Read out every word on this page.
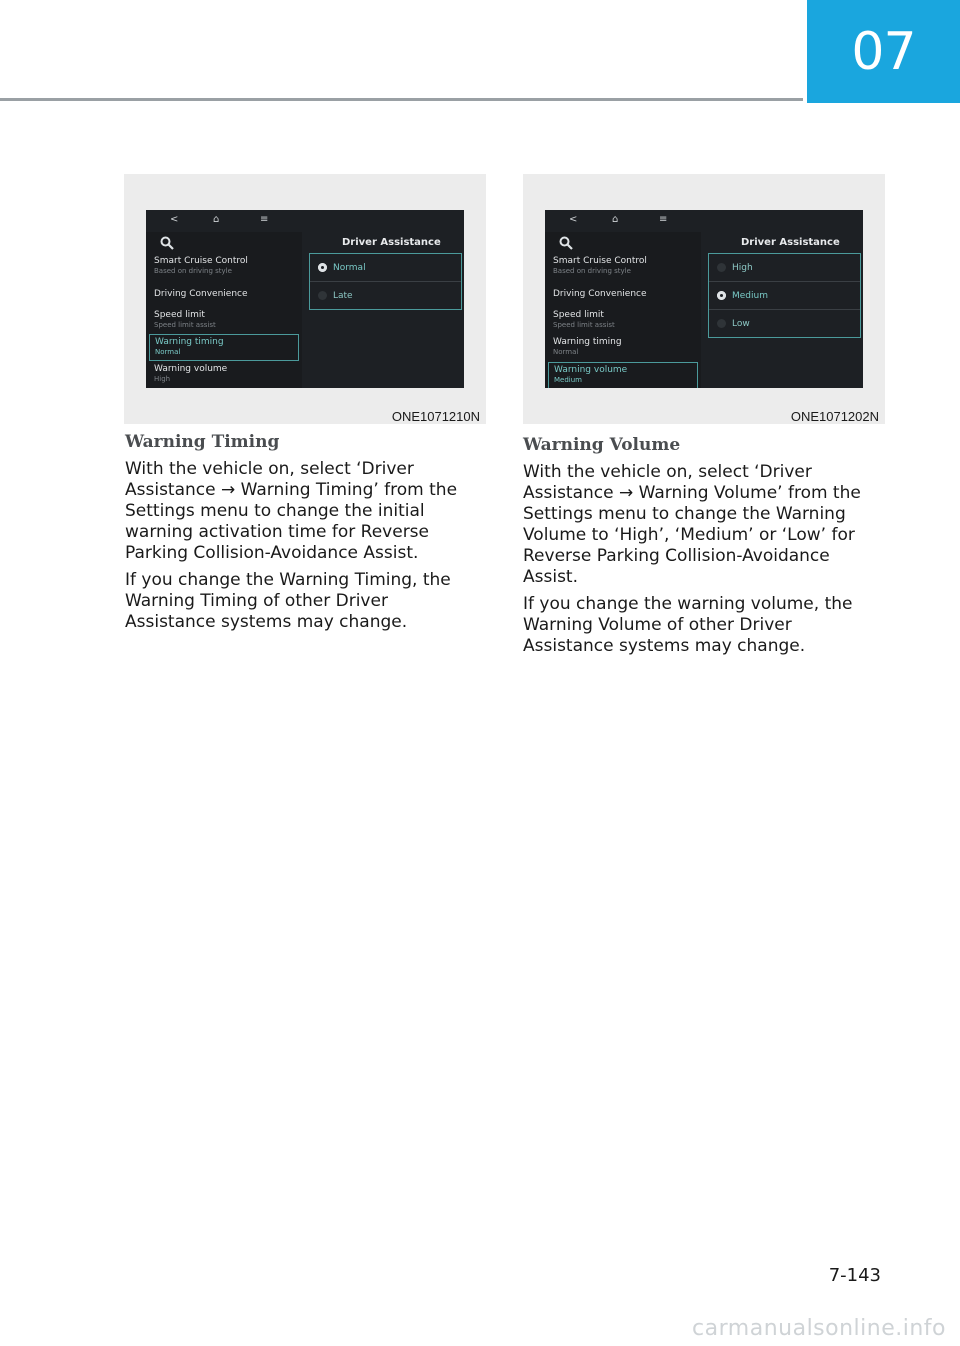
07
<	⌂	≡
Driver Assistance
Smart Cruise Control
Based on driving style
Driving Convenience
Speed limit
Speed limit assist
Warning timing
Normal
Warning volume
High
Normal
Late
ONE1071210N
<	⌂	≡
Driver Assistance
Smart Cruise Control
Based on driving style
Driving Convenience
Speed limit
Speed limit assist
Warning timing
Normal
Warning volume
Medium
High
Medium
Low
ONE1071202N
Warning Timing

With the vehicle on, select ‘Driver Assistance → Warning Timing’ from the Settings menu to change the initial warning activation time for Reverse Parking Collision-Avoidance Assist.

If you change the Warning Timing, the Warning Timing of other Driver Assistance systems may change.

Warning Volume

With the vehicle on, select ‘Driver Assistance → Warning Volume’ from the Settings menu to change the Warning Volume to ‘High’, ‘Medium’ or ‘Low’ for Reverse Parking Collision-Avoidance Assist.

If you change the warning volume, the Warning Volume of other Driver Assistance systems may change.

7-143
carmanualsonline.info
